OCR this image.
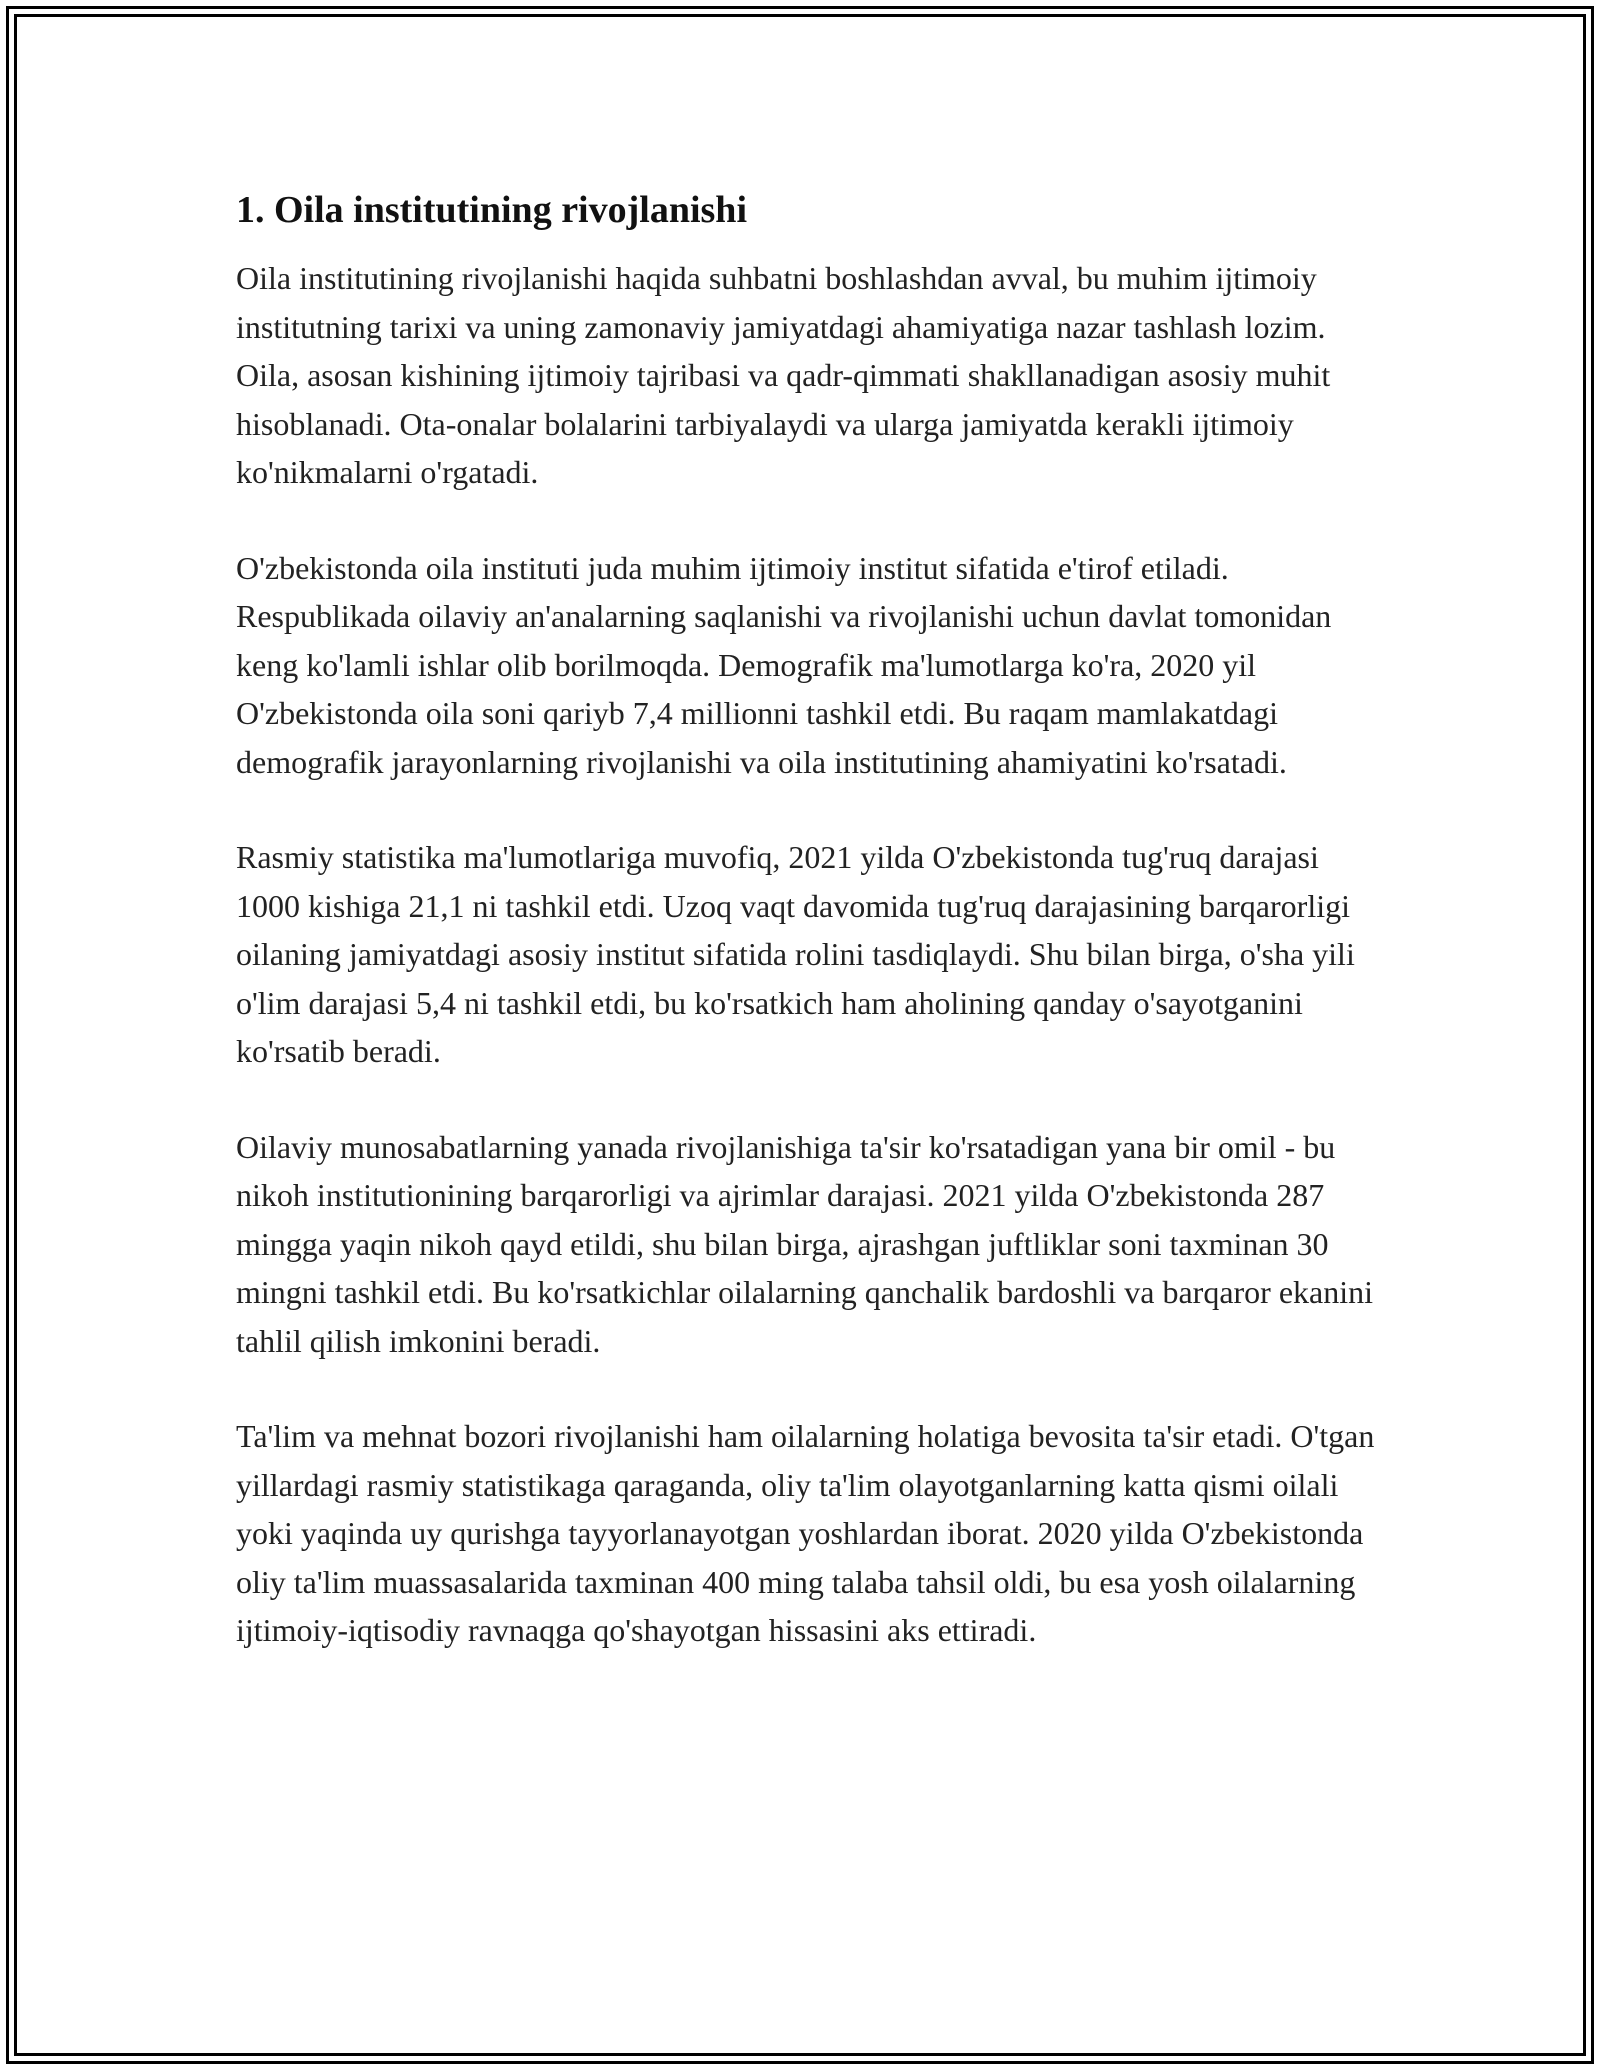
1. Oila institutining rivojlanishi

Oila institutining rivojlanishi haqida suhbatni boshlashdan avval, bu muhim ijtimoiy institutning tarixi va uning zamonaviy jamiyatdagi ahamiyatiga nazar tashlash lozim. Oila, asosan kishining ijtimoiy tajribasi va qadr-qimmati shakllanadigan asosiy muhit hisoblanadi. Ota-onalar bolalarini tarbiyalaydi va ularga jamiyatda kerakli ijtimoiy ko'nikmalarni o'rgatadi.

O'zbekistonda oila instituti juda muhim ijtimoiy institut sifatida e'tirof etiladi. Respublikada oilaviy an'analarning saqlanishi va rivojlanishi uchun davlat tomonidan keng ko'lamli ishlar olib borilmoqda. Demografik ma'lumotlarga ko'ra, 2020 yil O'zbekistonda oila soni qariyb 7,4 millionni tashkil etdi. Bu raqam mamlakatdagi demografik jarayonlarning rivojlanishi va oila institutining ahamiyatini ko'rsatadi.

Rasmiy statistika ma'lumotlariga muvofiq, 2021 yilda O'zbekistonda tug'ruq darajasi 1000 kishiga 21,1 ni tashkil etdi. Uzoq vaqt davomida tug'ruq darajasining barqarorligi oilaning jamiyatdagi asosiy institut sifatida rolini tasdiqlaydi. Shu bilan birga, o'sha yili o'lim darajasi 5,4 ni tashkil etdi, bu ko'rsatkich ham aholining qanday o'sayotganini ko'rsatib beradi.

Oilaviy munosabatlarning yanada rivojlanishiga ta'sir ko'rsatadigan yana bir omil - bu nikoh institutionining barqarorligi va ajrimlar darajasi. 2021 yilda O'zbekistonda 287 mingga yaqin nikoh qayd etildi, shu bilan birga, ajrashgan juftliklar soni taxminan 30 mingni tashkil etdi. Bu ko'rsatkichlar oilalarning qanchalik bardoshli va barqaror ekanini tahlil qilish imkonini beradi.

Ta'lim va mehnat bozori rivojlanishi ham oilalarning holatiga bevosita ta'sir etadi. O'tgan yillardagi rasmiy statistikaga qaraganda, oliy ta'lim olayotganlarning katta qismi oilali yoki yaqinda uy qurishga tayyorlanayotgan yoshlardan iborat. 2020 yilda O'zbekistonda oliy ta'lim muassasalarida taxminan 400 ming talaba tahsil oldi, bu esa yosh oilalarning ijtimoiy-iqtisodiy ravnaqga qo'shayotgan hissasini aks ettiradi.
